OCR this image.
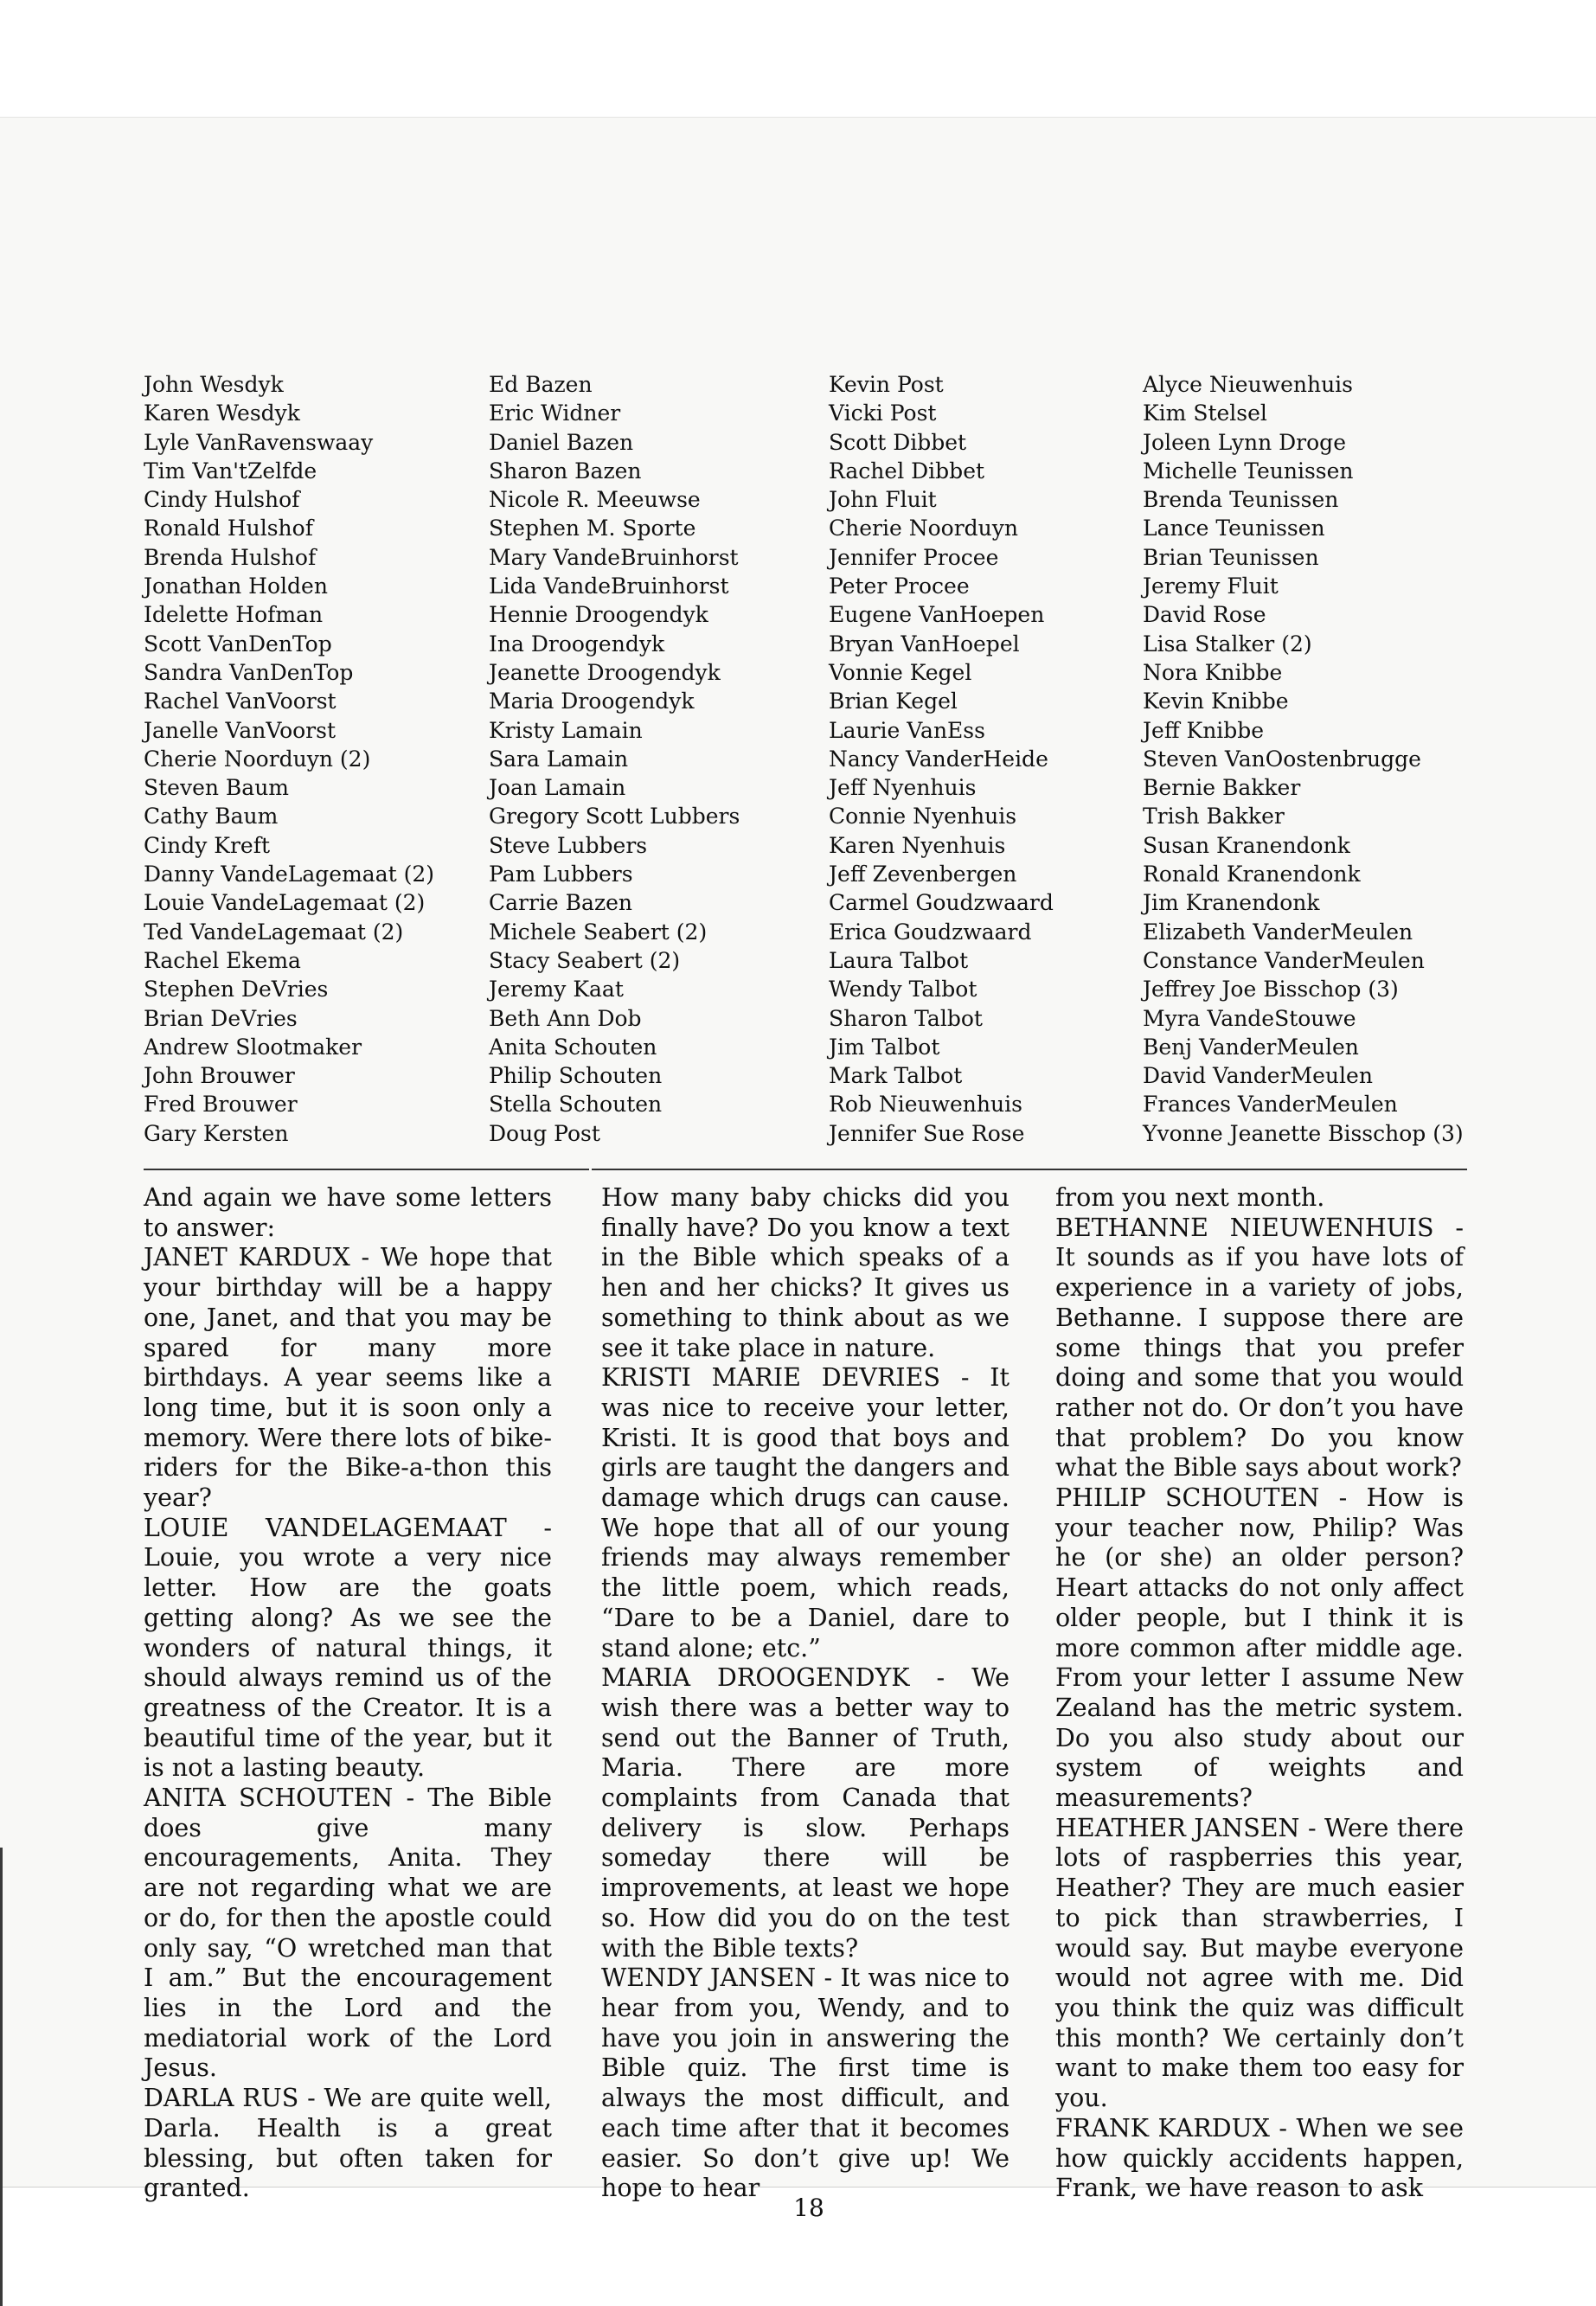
John Wesdyk
Karen Wesdyk
Lyle VanRavenswaay
Tim Van'tZelfde
Cindy Hulshof
Ronald Hulshof
Brenda Hulshof
Jonathan Holden
Idelette Hofman
Scott VanDenTop
Sandra VanDenTop
Rachel VanVoorst
Janelle VanVoorst
Cherie Noorduyn (2)
Steven Baum
Cathy Baum
Cindy Kreft
Danny VandeLagemaat (2)
Louie VandeLagemaat (2)
Ted VandeLagemaat (2)
Rachel Ekema
Stephen DeVries
Brian DeVries
Andrew Slootmaker
John Brouwer
Fred Brouwer
Gary Kersten
Ed Bazen
Eric Widner
Daniel Bazen
Sharon Bazen
Nicole R. Meeuwse
Stephen M. Sporte
Mary VandeBruinhorst
Lida VandeBruinhorst
Hennie Droogendyk
Ina Droogendyk
Jeanette Droogendyk
Maria Droogendyk
Kristy Lamain
Sara Lamain
Joan Lamain
Gregory Scott Lubbers
Steve Lubbers
Pam Lubbers
Carrie Bazen
Michele Seabert (2)
Stacy Seabert (2)
Jeremy Kaat
Beth Ann Dob
Anita Schouten
Philip Schouten
Stella Schouten
Doug Post
Kevin Post
Vicki Post
Scott Dibbet
Rachel Dibbet
John Fluit
Cherie Noorduyn
Jennifer Procee
Peter Procee
Eugene VanHoepen
Bryan VanHoepel
Vonnie Kegel
Brian Kegel
Laurie VanEss
Nancy VanderHeide
Jeff Nyenhuis
Connie Nyenhuis
Karen Nyenhuis
Jeff Zevenbergen
Carmel Goudzwaard
Erica Goudzwaard
Laura Talbot
Wendy Talbot
Sharon Talbot
Jim Talbot
Mark Talbot
Rob Nieuwenhuis
Jennifer Sue Rose
Alyce Nieuwenhuis
Kim Stelsel
Joleen Lynn Droge
Michelle Teunissen
Brenda Teunissen
Lance Teunissen
Brian Teunissen
Jeremy Fluit
David Rose
Lisa Stalker (2)
Nora Knibbe
Kevin Knibbe
Jeff Knibbe
Steven VanOostenbrugge
Bernie Bakker
Trish Bakker
Susan Kranendonk
Ronald Kranendonk
Jim Kranendonk
Elizabeth VanderMeulen
Constance VanderMeulen
Jeffrey Joe Bisschop (3)
Myra VandeStouwe
Benj VanderMeulen
David VanderMeulen
Frances VanderMeulen
Yvonne Jeanette Bisschop (3)

And again we have some letters to answer:

JANET KARDUX - We hope that your birthday will be a happy one, Janet, and that you may be spared for many more birthdays. A year seems like a long time, but it is soon only a memory. Were there lots of bike-riders for the Bike-a-thon this year?

LOUIE VANDELAGEMAAT - Louie, you wrote a very nice letter. How are the goats getting along? As we see the wonders of natural things, it should always remind us of the greatness of the Creator. It is a beautiful time of the year, but it is not a lasting beauty.

ANITA SCHOUTEN - The Bible does give many encouragements, Anita. They are not regarding what we are or do, for then the apostle could only say, “O wretched man that I am.” But the encouragement lies in the Lord and the mediatorial work of the Lord Jesus.

DARLA RUS - We are quite well, Darla. Health is a great blessing, but often taken for granted.

How many baby chicks did you finally have? Do you know a text in the Bible which speaks of a hen and her chicks? It gives us something to think about as we see it take place in nature.

KRISTI MARIE DEVRIES - It was nice to receive your letter, Kristi. It is good that boys and girls are taught the dangers and damage which drugs can cause. We hope that all of our young friends may always remember the little poem, which reads, “Dare to be a Daniel, dare to stand alone; etc.”

MARIA DROOGENDYK - We wish there was a better way to send out the Banner of Truth, Maria. There are more complaints from Canada that delivery is slow. Perhaps someday there will be improvements, at least we hope so. How did you do on the test with the Bible texts?

WENDY JANSEN - It was nice to hear from you, Wendy, and to have you join in answering the Bible quiz. The first time is always the most difficult, and each time after that it becomes easier. So don’t give up! We hope to hear

from you next month.

BETHANNE NIEUWENHUIS - It sounds as if you have lots of experience in a variety of jobs, Bethanne. I suppose there are some things that you prefer doing and some that you would rather not do. Or don’t you have that problem? Do you know what the Bible says about work?

PHILIP SCHOUTEN - How is your teacher now, Philip? Was he (or she) an older person? Heart attacks do not only affect older people, but I think it is more common after middle age. From your letter I assume New Zealand has the metric system. Do you also study about our system of weights and measurements?

HEATHER JANSEN - Were there lots of raspberries this year, Heather? They are much easier to pick than strawberries, I would say. But maybe everyone would not agree with me. Did you think the quiz was difficult this month? We certainly don’t want to make them too easy for you.

FRANK KARDUX - When we see how quickly accidents happen, Frank, we have reason to ask

18
